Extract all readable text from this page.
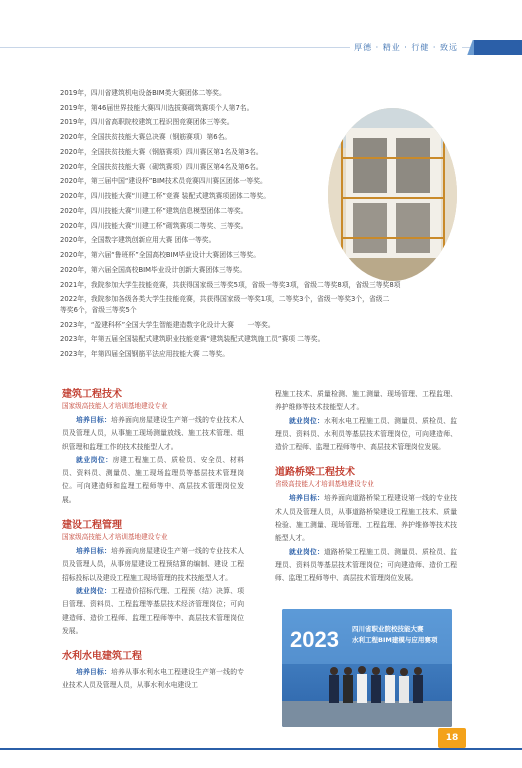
厚德 · 精业 · 行健 · 致远
2019年，四川省建筑机电设备BIM类大赛团体二等奖。
2019年，第46届世界技能大赛四川选拔赛砌筑赛项个人第7名。
2019年，四川省高职院校建筑工程识图竞赛团体三等奖。
2020年，全国扶贫技能大赛总决赛（钢筋赛项）第6名。
2020年，全国扶贫技能大赛（钢筋赛项）四川赛区第1名及第3名。
2020年，全国扶贫技能大赛（砌筑赛项）四川赛区第4名及第6名。
2020年，第三届中国“建设杯”BIM技术员竞赛四川赛区团体一等奖。
2020年，四川技能大赛“川建工杯”竞赛 装配式建筑赛项团体二等奖。
2020年，四川技能大赛“川建工杯”建筑信息模型团体二等奖。
2020年，四川技能大赛“川建工杯”砌筑赛项二等奖、三等奖。
2020年，全国数字建筑创新应用大赛 团体一等奖。
2020年，第六届“鲁班杯”全国高校BIM毕业设计大赛团体三等奖。
2020年，第六届全国高校BIM毕业设计创新大赛团体三等奖。
2021年，我院参加大学生技能竞赛，共获得国家级三等奖5项，省级一等奖3项，省级二等奖8项，省级三等奖8项
2022年，我院参加各级各类大学生技能竞赛，共获得国家级一等奖1项，二等奖3个，省级一等奖3个，省级二等奖6个，省级三等奖5个
2023年，“盈建科杯”全国大学生智能建造数字化设计大赛　　一等奖。
2023年，年第五届全国装配式建筑职业技能竞赛“建筑装配式建筑施工员”赛项 二等奖。
2023年，年第四届全国钢筋平法应用技能大赛 二等奖。
建筑工程技术
国家级高技能人才培训基地建设专业
培养目标：培养面向房屋建设生产第一线的专业技术人员及管理人员，从事施工现场测量放线、施工技术管理、组织管理和监理工作的技术技能型人才。
就业岗位：房建工程施工员、质检员、安全员、材料员、资料员、测量员、施工现场监理员等基层技术管理岗位。可向建造师和监理工程师等中、高层技术管理岗位发展。
建设工程管理
国家级高技能人才培训基地建设专业
培养目标：培养面向房屋建设生产第一线的专业技术人员及管理人员，从事房屋建设工程预结算的编制、建设 工程招标投标以及建设工程施工现场管理的技术技能型人才。
就业岗位：工程造价招标代理、工程预（结）决算、项目管理、资料员、工程监理等基层技术经济管理岗位；可向建造师、造价工程师、监理工程师等中、高层技术管理岗位发展。
水利水电建筑工程
培养目标：培养从事水利水电工程建设生产第一线的专业技术人员及管理人员，从事水利水电建设工
程施工技术、质量检测、施工测量、现场管理、工程监理、养护维修等技术技能型人才。
就业岗位：水利水电工程施工员、测量员、质检员、监理员、资料员、水利员等基层技术管理岗位，可向建造师、造价工程师、监理工程师等中、高层技术管理岗位发展。
道路桥梁工程技术
省级高技能人才培训基地建设专业
培养目标：培养面向道路桥梁工程建设第一线的专业技术人员及管理人员，从事道路桥梁建设工程施工技术、质量检验、施工测量、现场管理、工程监理、养护维修等技术技能型人才。
就业岗位：道路桥梁工程施工员、测量员、质检员、监理员、资料员等基层技术管理岗位；可向建造师、造价工程师、监理工程师等中、高层技术管理岗位发展。
2023 四川省职业院校技能大赛
水利工程BIM建模与应用赛项
18
